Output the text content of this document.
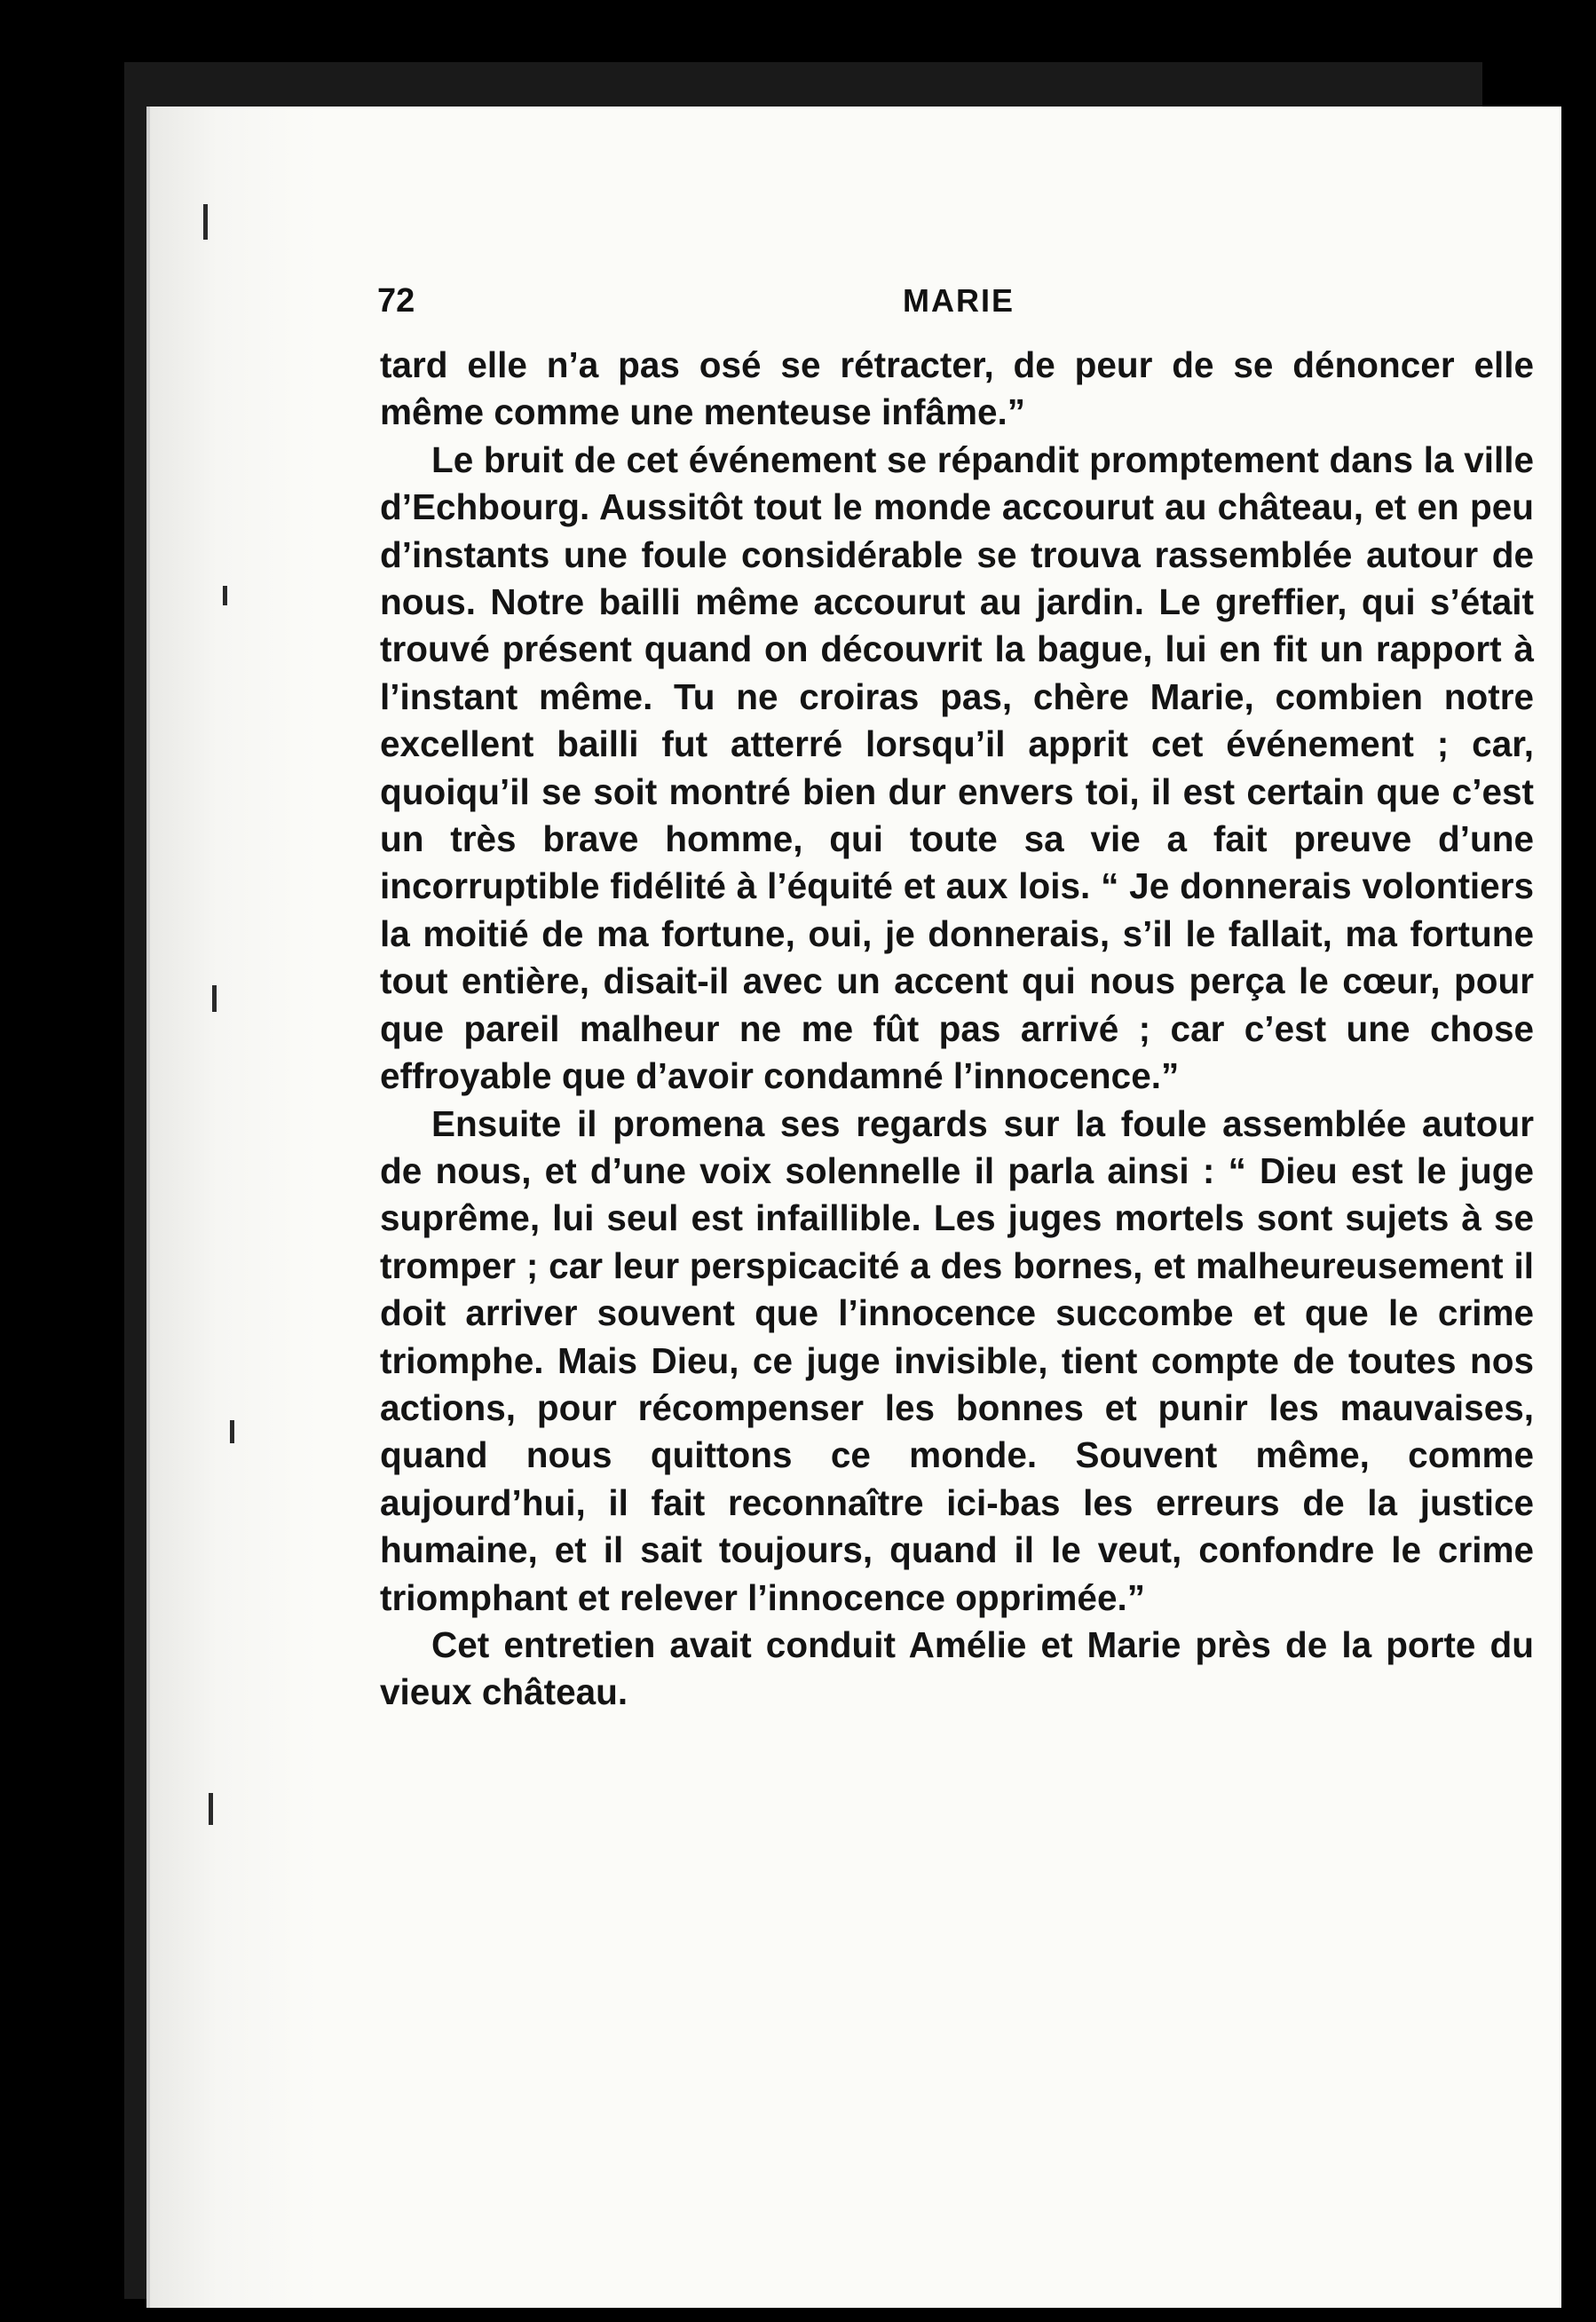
72	MARIE

tard elle n’a pas osé se rétracter, de peur de se dénoncer elle même comme une menteuse infâme.”

Le bruit de cet événement se répandit promptement dans la ville d’Echbourg. Aussitôt tout le monde accourut au château, et en peu d’instants une foule considérable se trouva rassemblée autour de nous. Notre bailli même accourut au jardin. Le greffier, qui s’était trouvé présent quand on découvrit la bague, lui en fit un rapport à l’instant même. Tu ne croiras pas, chère Marie, combien notre excellent bailli fut atterré lorsqu’il apprit cet événement ; car, quoiqu’il se soit montré bien dur envers toi, il est certain que c’est un très brave homme, qui toute sa vie a fait preuve d’une incorruptible fidélité à l’équité et aux lois. “ Je donnerais volontiers la moitié de ma fortune, oui, je donnerais, s’il le fallait, ma fortune tout entière, disait-il avec un accent qui nous perça le cœur, pour que pareil malheur ne me fût pas arrivé ; car c’est une chose effroyable que d’avoir condamné l’innocence.”

Ensuite il promena ses regards sur la foule assemblée autour de nous, et d’une voix solennelle il parla ainsi : “ Dieu est le juge suprême, lui seul est infaillible. Les juges mortels sont sujets à se tromper ; car leur perspicacité a des bornes, et malheureusement il doit arriver souvent que l’innocence succombe et que le crime triomphe. Mais Dieu, ce juge invisible, tient compte de toutes nos actions, pour récompenser les bonnes et punir les mauvaises, quand nous quittons ce monde. Souvent même, comme aujourd’hui, il fait reconnaître ici-bas les erreurs de la justice humaine, et il sait toujours, quand il le veut, confondre le crime triomphant et relever l’innocence opprimée.”

Cet entretien avait conduit Amélie et Marie près de la porte du vieux château.
